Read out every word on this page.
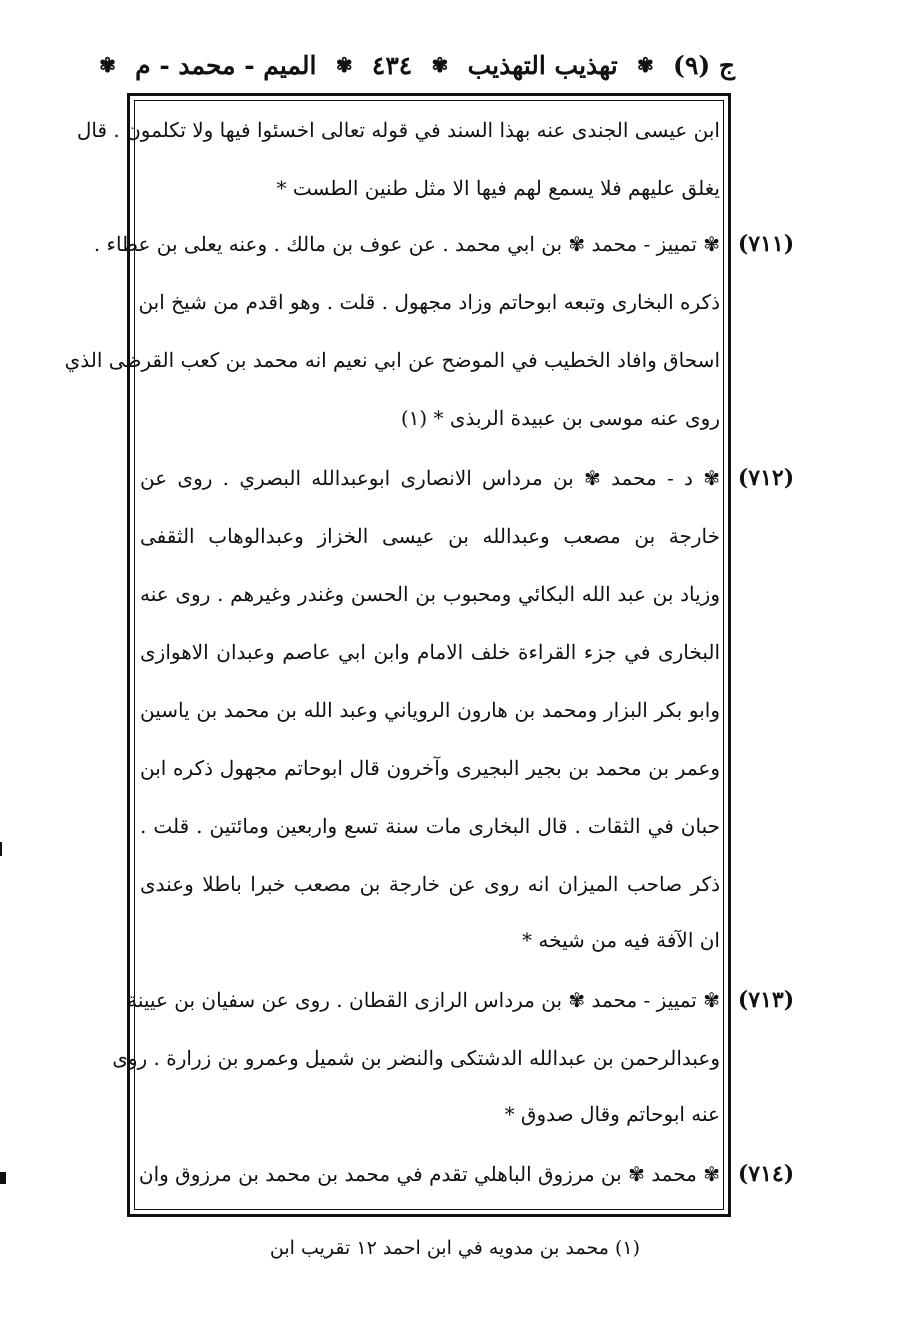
ج (٩)
✾
تهذيب التهذيب
✾
٤٣٤
✾
الميم - محمد - م
✾
ابن عيسى الجندى عنه بهذا السند في قوله تعالى اخسئوا فيها ولا تكلمون . قال
يغلق عليهم فلا يسمع لهم فيها الا مثل طنين الطست *
(٧١١)
✾ تمييز - محمد ✾ بن ابي محمد . عن عوف بن مالك . وعنه يعلى بن عطاء .
ذكره البخارى وتبعه ابوحاتم وزاد مجهول . قلت . وهو اقدم من شيخ ابن
اسحاق وافاد الخطيب في الموضح عن ابي نعيم انه محمد بن كعب القرظى الذي
روى عنه موسى بن عبيدة الربذى * (١)
(٧١٢)
✾ د - محمد ✾ بن مرداس الانصارى ابوعبدالله البصري . روى عن
خارجة بن مصعب وعبدالله بن عيسى الخزاز وعبدالوهاب الثقفى
وزياد بن عبد الله البكائي ومحبوب بن الحسن وغندر وغيرهم . روى عنه
البخارى في جزء القراءة خلف الامام وابن ابي عاصم وعبدان الاهوازى
وابو بكر البزار ومحمد بن هارون الروياني وعبد الله بن محمد بن ياسين
وعمر بن محمد بن بجير البجيرى وآخرون قال ابوحاتم مجهول ذكره ابن
حبان في الثقات . قال البخارى مات سنة تسع واربعين ومائتين . قلت .
ذكر صاحب الميزان انه روى عن خارجة بن مصعب خبرا باطلا وعندى
ان الآفة فيه من شيخه *
(٧١٣)
✾ تمييز - محمد ✾ بن مرداس الرازى القطان . روى عن سفيان بن عيينة
وعبدالرحمن بن عبدالله الدشتكى والنضر بن شميل وعمرو بن زرارة . روى
عنه ابوحاتم وقال صدوق *
(٧١٤)
✾ محمد ✾ بن مرزوق الباهلي تقدم في محمد بن محمد بن مرزوق وان
(١) محمد بن مدويه في ابن احمد ١٢ تقريب ابن
